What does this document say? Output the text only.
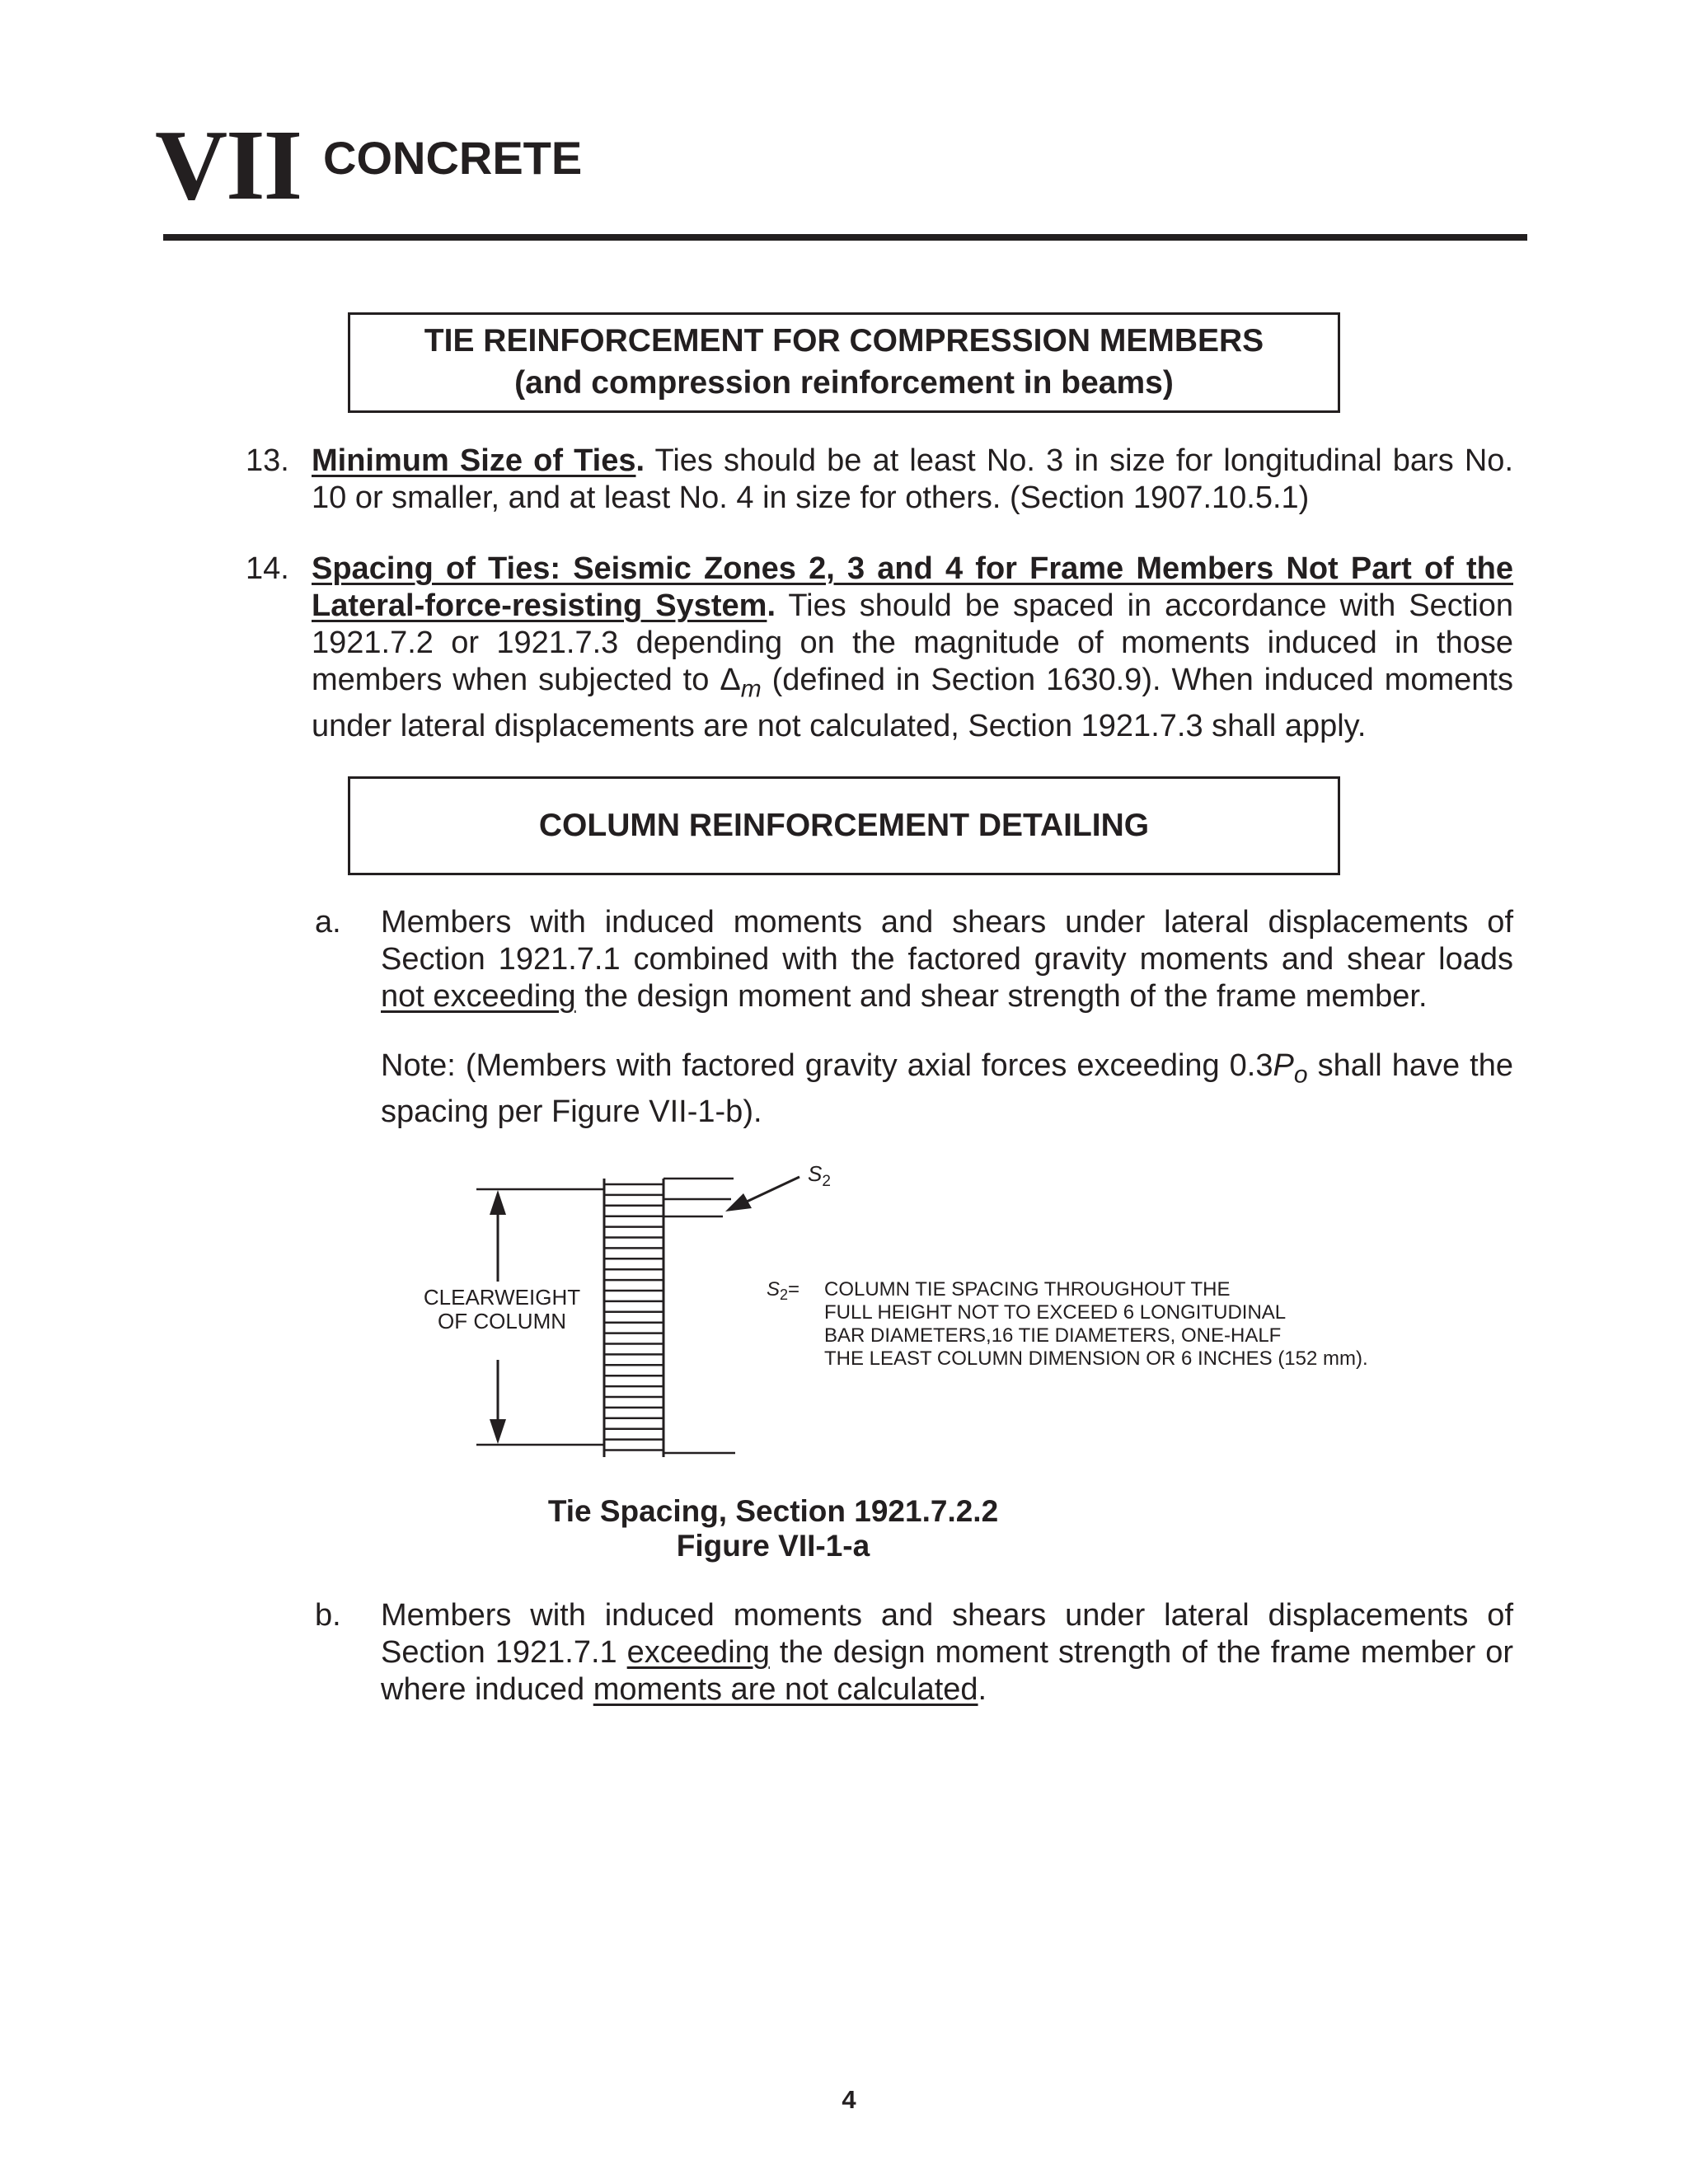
VII CONCRETE
TIE REINFORCEMENT FOR COMPRESSION MEMBERS
(and compression reinforcement in beams)
13. Minimum Size of Ties. Ties should be at least No. 3 in size for longitudinal bars No. 10 or smaller, and at least No. 4 in size for others. (Section 1907.10.5.1)
14. Spacing of Ties: Seismic Zones 2, 3 and 4 for Frame Members Not Part of the Lateral-force-resisting System. Ties should be spaced in accordance with Section 1921.7.2 or 1921.7.3 depending on the magnitude of moments induced in those members when subjected to $\Delta_m$ (defined in Section 1630.9). When induced moments under lateral displacements are not calculated, Section 1921.7.3 shall apply.
COLUMN REINFORCEMENT DETAILING
a. Members with induced moments and shears under lateral displacements of Section 1921.7.1 combined with the factored gravity moments and shear loads not exceeding the design moment and shear strength of the frame member.
Note: (Members with factored gravity axial forces exceeding $0.3P_o$ shall have the spacing per Figure VII-1-b).
$S_2$
CLEARWEIGHT
OF COLUMN
$S_2=$ COLUMN TIE SPACING THROUGHOUT THE
FULL HEIGHT NOT TO EXCEED 6 LONGITUDINAL
BAR DIAMETERS,16 TIE DIAMETERS, ONE-HALF
THE LEAST COLUMN DIMENSION OR 6 INCHES (152 mm).
Tie Spacing, Section 1921.7.2.2
Figure VII-1-a
b. Members with induced moments and shears under lateral displacements of Section 1921.7.1 exceeding the design moment strength of the frame member or where induced moments are not calculated.
4
